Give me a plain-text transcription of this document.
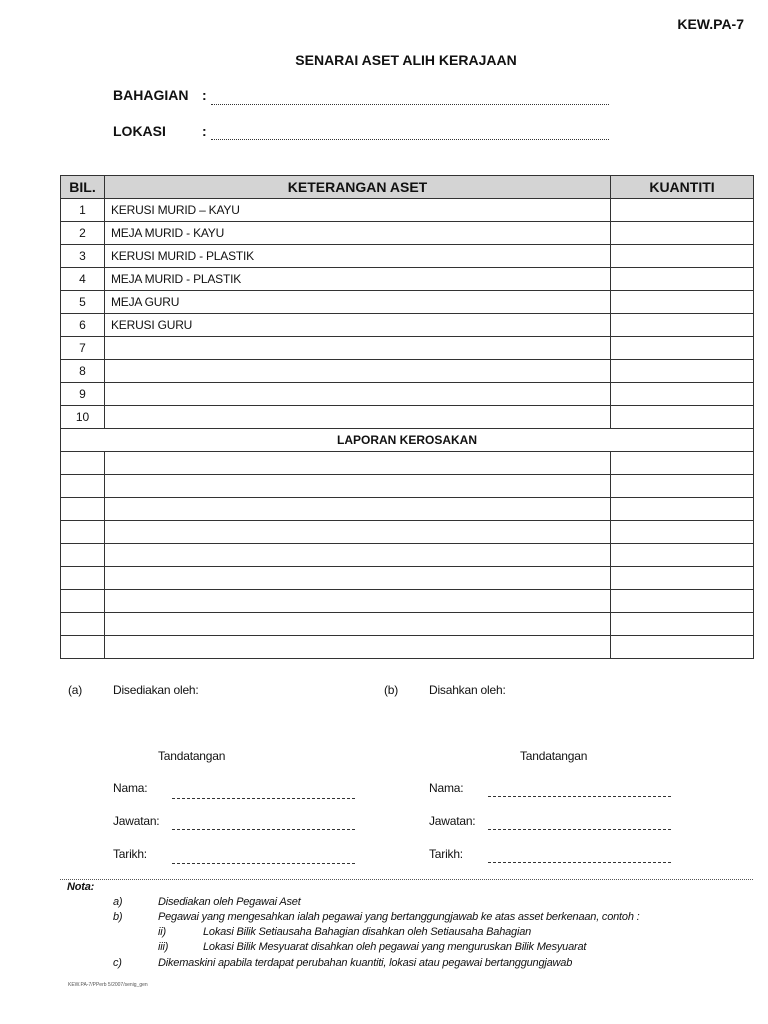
KEW.PA-7
SENARAI ASET ALIH KERAJAAN
BAHAGIAN :
LOKASI	:
BIL.	KETERANGAN ASET	KUANTITI
1	KERUSI MURID – KAYU	
2	MEJA MURID - KAYU	
3	KERUSI MURID - PLASTIK	
4	MEJA MURID - PLASTIK	
5	MEJA GURU	
6	KERUSI GURU	
7		
8		
9		
10		
LAPORAN KEROSAKAN		

(a)	Disediakan oleh:
Tandatangan
Nama:
Jawatan:
Tarikh:
(b)	Disahkan oleh:
Tandatangan
Nama:
Jawatan:
Tarikh:
Nota:
a)	Disediakan oleh Pegawai Aset
b)	Pegawai yang mengesahkan ialah pegawai yang bertanggungjawab ke atas asset berkenaan, contoh :
ii)	Lokasi Bilik Setiausaha Bahagian disahkan oleh Setiausaha Bahagian
iii)	Lokasi Bilik Mesyuarat disahkan oleh pegawai yang menguruskan Bilik Mesyuarat
c)	Dikemaskini apabila terdapat perubahan kuantiti, lokasi atau pegawai bertanggungjawab
KEW.PA-7/PPerb 5/2007/senig_gen
